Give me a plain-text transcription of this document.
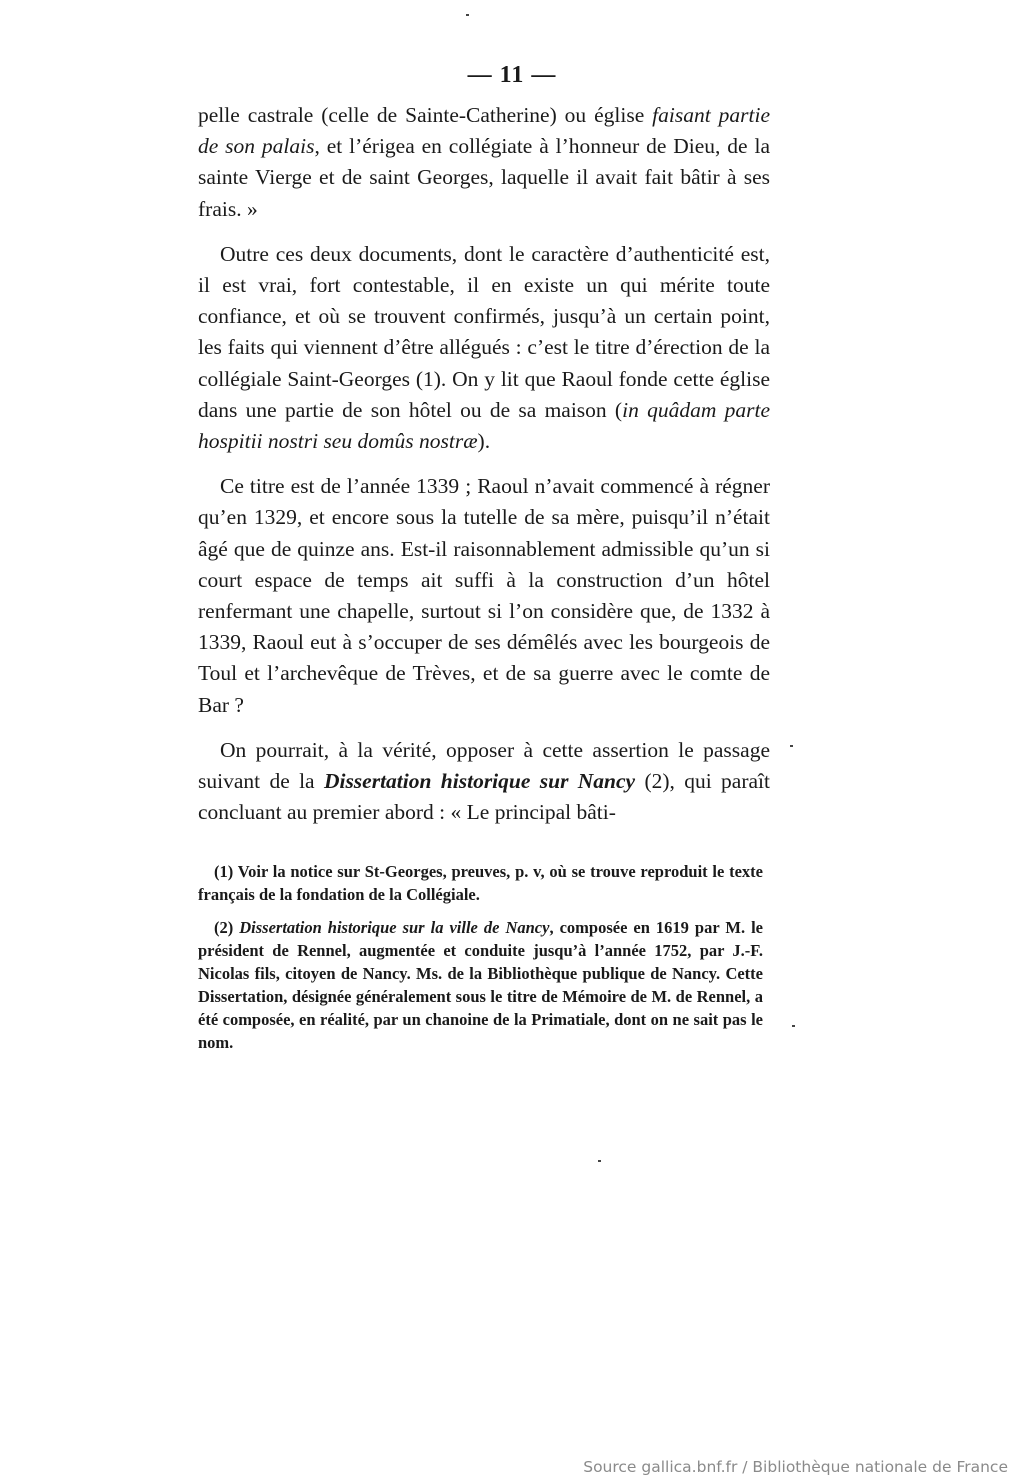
— 11 —

pelle castrale (celle de Sainte-Catherine) ou église faisant partie de son palais, et l’érigea en collégiate à l’honneur de Dieu, de la sainte Vierge et de saint Georges, laquelle il avait fait bâtir à ses frais. »

Outre ces deux documents, dont le caractère d’authenticité est, il est vrai, fort contestable, il en existe un qui mérite toute confiance, et où se trouvent confirmés, jusqu’à un certain point, les faits qui viennent d’être allégués : c’est le titre d’érection de la collégiale Saint-Georges (1). On y lit que Raoul fonde cette église dans une partie de son hôtel ou de sa maison (in quâdam parte hospitii nostri seu domûs nostræ).

Ce titre est de l’année 1339 ; Raoul n’avait commencé à régner qu’en 1329, et encore sous la tutelle de sa mère, puisqu’il n’était âgé que de quinze ans. Est-il raisonnablement admissible qu’un si court espace de temps ait suffi à la construction d’un hôtel renfermant une chapelle, surtout si l’on considère que, de 1332 à 1339, Raoul eut à s’occuper de ses démêlés avec les bourgeois de Toul et l’archevêque de Trèves, et de sa guerre avec le comte de Bar ?

On pourrait, à la vérité, opposer à cette assertion le passage suivant de la Dissertation historique sur Nancy (2), qui paraît concluant au premier abord : « Le principal bâti-

(1) Voir la notice sur St-Georges, preuves, p. v, où se trouve reproduit le texte français de la fondation de la Collégiale.

(2) Dissertation historique sur la ville de Nancy, composée en 1619 par M. le président de Rennel, augmentée et conduite jusqu’à l’année 1752, par J.-F. Nicolas fils, citoyen de Nancy. Ms. de la Bibliothèque publique de Nancy. Cette Dissertation, désignée généralement sous le titre de Mémoire de M. de Rennel, a été composée, en réalité, par un chanoine de la Primatiale, dont on ne sait pas le nom.

Source gallica.bnf.fr / Bibliothèque nationale de France
